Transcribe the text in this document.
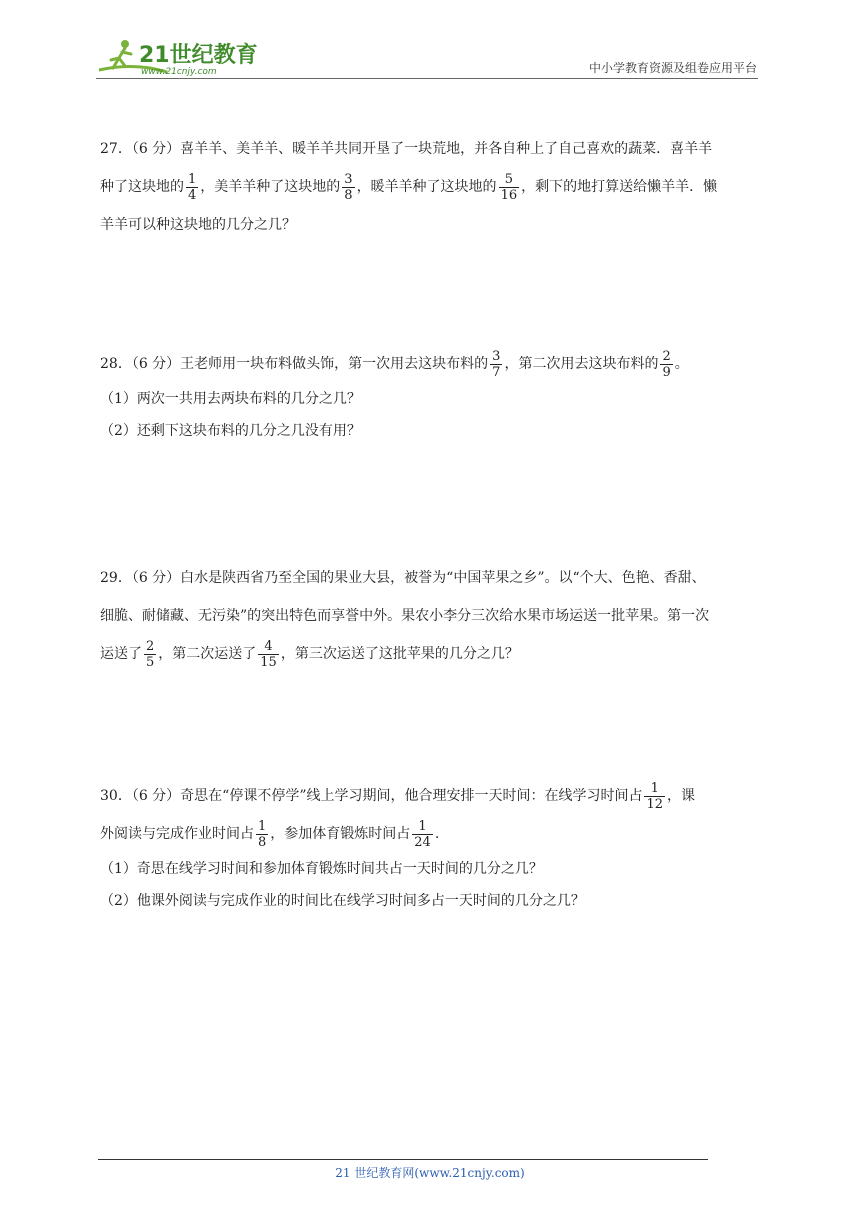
21世纪教育
www.21cnjy.com	中小学教育资源及组卷应用平台

27．（6 分）喜羊羊、美羊羊、暖羊羊共同开垦了一块荒地，并各自种上了自己喜欢的蔬菜．喜羊羊

种了这块地的 $\frac{1}{4}$ ，美羊羊种了这块地的 $\frac{3}{8}$ ，暖羊羊种了这块地的 $\frac{5}{16}$ ，剩下的地打算送给懒羊羊．懒

羊羊可以种这块地的几分之几？

28．（6 分）王老师用一块布料做头饰，第一次用去这块布料的 $\frac{3}{7}$ ，第二次用去这块布料的 $\frac{2}{9}$ 。

（1）两次一共用去两块布料的几分之几？

（2）还剩下这块布料的几分之几没有用？

29．（6 分）白水是陕西省乃至全国的果业大县，被誉为“中国苹果之乡”。以“个大、色艳、香甜、

细脆、耐储藏、无污染”的突出特色而享誉中外。果农小李分三次给水果市场运送一批苹果。第一次

运送了 $\frac{2}{5}$ ，第二次运送了 $\frac{4}{15}$ ，第三次运送了这批苹果的几分之几？

30．（6 分）奇思在“停课不停学”线上学习期间，他合理安排一天时间：在线学习时间占 $\frac{1}{12}$ ，课

外阅读与完成作业时间占 $\frac{1}{8}$ ，参加体育锻炼时间占 $\frac{1}{24}$ .

（1）奇思在线学习时间和参加体育锻炼时间共占一天时间的几分之几？

（2）他课外阅读与完成作业的时间比在线学习时间多占一天时间的几分之几？

21 世纪教育网(www.21cnjy.com)
